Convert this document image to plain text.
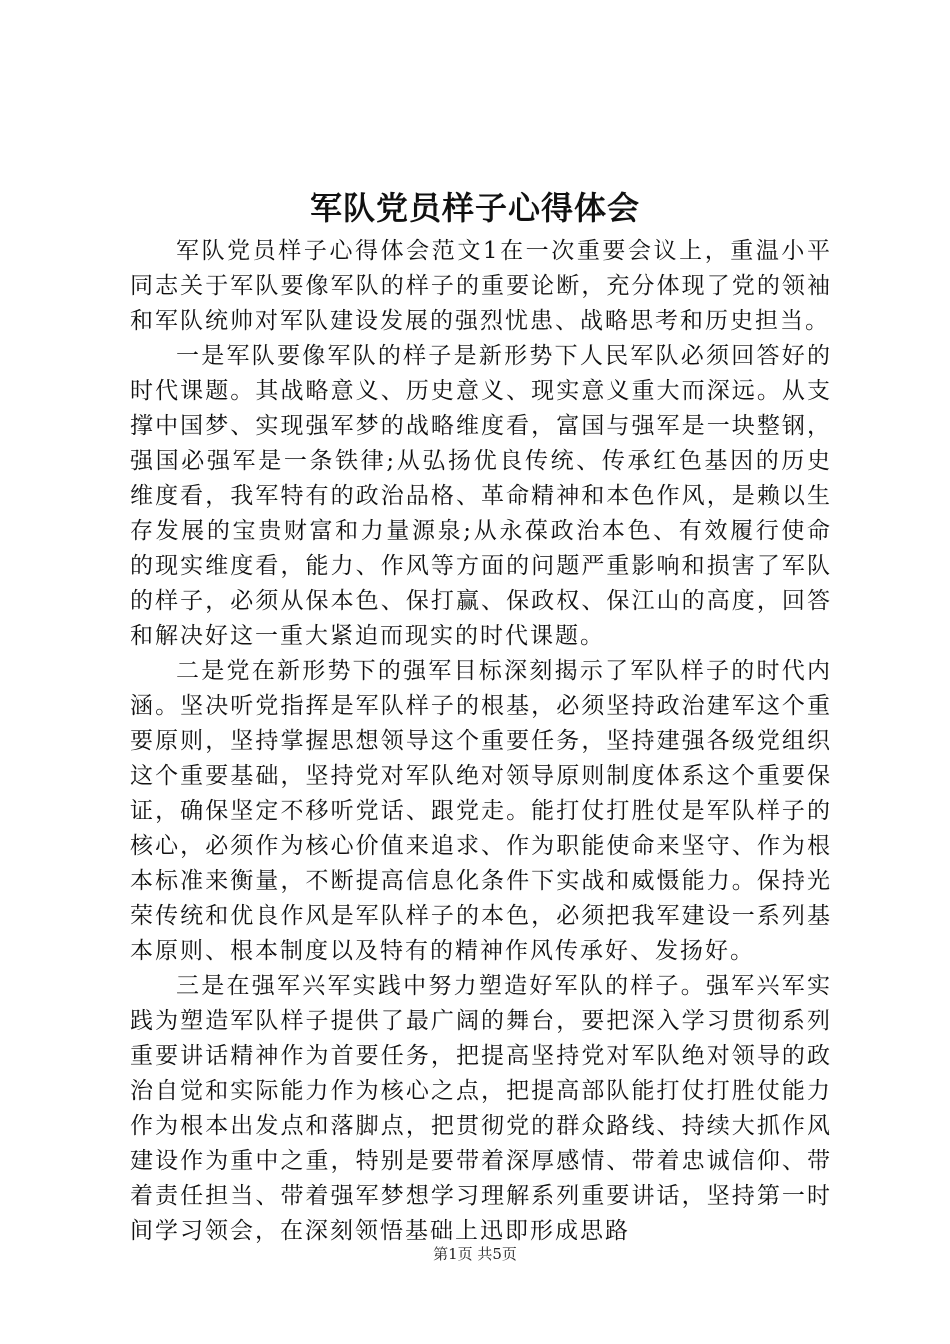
军队党员样子心得体会

军队党员样子心得体会范文1在一次重要会议上，重温小平同志关于军队要像军队的样子的重要论断，充分体现了党的领袖和军队统帅对军队建设发展的强烈忧患、战略思考和历史担当。

一是军队要像军队的样子是新形势下人民军队必须回答好的时代课题。其战略意义、历史意义、现实意义重大而深远。从支撑中国梦、实现强军梦的战略维度看，富国与强军是一块整钢，强国必强军是一条铁律;从弘扬优良传统、传承红色基因的历史维度看，我军特有的政治品格、革命精神和本色作风，是赖以生存发展的宝贵财富和力量源泉;从永葆政治本色、有效履行使命的现实维度看，能力、作风等方面的问题严重影响和损害了军队的样子，必须从保本色、保打赢、保政权、保江山的高度，回答和解决好这一重大紧迫而现实的时代课题。

二是党在新形势下的强军目标深刻揭示了军队样子的时代内涵。坚决听党指挥是军队样子的根基，必须坚持政治建军这个重要原则，坚持掌握思想领导这个重要任务，坚持建强各级党组织这个重要基础，坚持党对军队绝对领导原则制度体系这个重要保证，确保坚定不移听党话、跟党走。能打仗打胜仗是军队样子的核心，必须作为核心价值来追求、作为职能使命来坚守、作为根本标准来衡量，不断提高信息化条件下实战和威慑能力。保持光荣传统和优良作风是军队样子的本色，必须把我军建设一系列基本原则、根本制度以及特有的精神作风传承好、发扬好。

三是在强军兴军实践中努力塑造好军队的样子。强军兴军实践为塑造军队样子提供了最广阔的舞台，要把深入学习贯彻系列重要讲话精神作为首要任务，把提高坚持党对军队绝对领导的政治自觉和实际能力作为核心之点，把提高部队能打仗打胜仗能力作为根本出发点和落脚点，把贯彻党的群众路线、持续大抓作风建设作为重中之重，特别是要带着深厚感情、带着忠诚信仰、带着责任担当、带着强军梦想学习理解系列重要讲话，坚持第一时间学习领会，在深刻领悟基础上迅即形成思路

第1页 共5页
